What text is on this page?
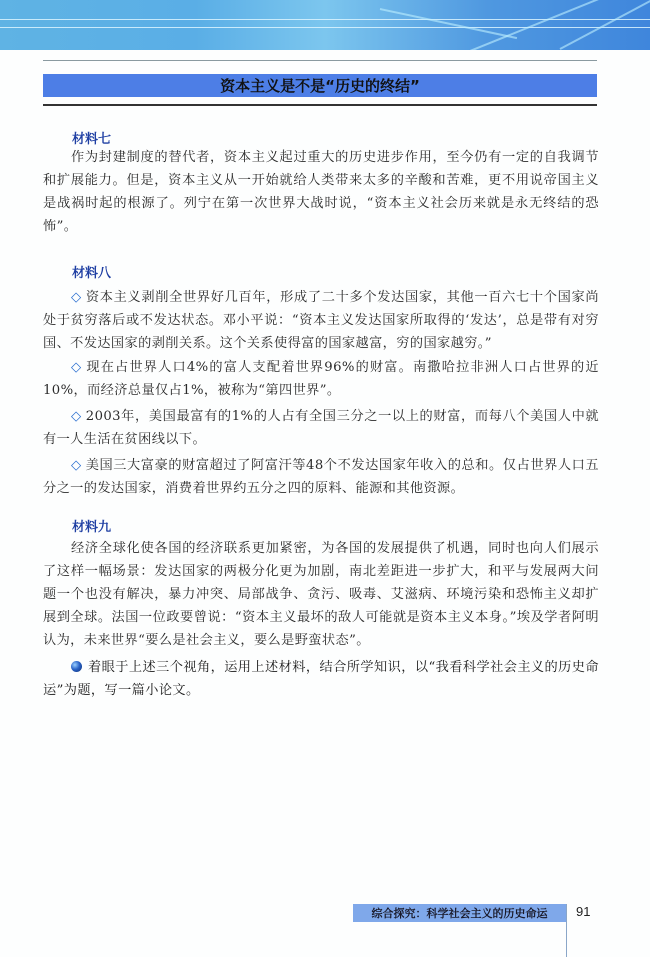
资本主义是不是“历史的终结”
材料七
作为封建制度的替代者，资本主义起过重大的历史进步作用，至今仍有一定的自我调节和扩展能力。但是，资本主义从一开始就给人类带来太多的辛酸和苦难，更不用说帝国主义是战祸时起的根源了。列宁在第一次世界大战时说，“资本主义社会历来就是永无终结的恐怖”。
材料八
◇ 资本主义剥削全世界好几百年，形成了二十多个发达国家，其他一百六七十个国家尚处于贫穷落后或不发达状态。邓小平说：“资本主义发达国家所取得的‘发达’，总是带有对穷国、不发达国家的剥削关系。这个关系使得富的国家越富，穷的国家越穷。”
◇ 现在占世界人口4%的富人支配着世界96%的财富。南撒哈拉非洲人口占世界的近10%，而经济总量仅占1%，被称为“第四世界”。
◇ 2003年，美国最富有的1%的人占有全国三分之一以上的财富，而每八个美国人中就有一人生活在贫困线以下。
◇ 美国三大富豪的财富超过了阿富汗等48个不发达国家年收入的总和。仅占世界人口五分之一的发达国家，消费着世界约五分之四的原料、能源和其他资源。
材料九
经济全球化使各国的经济联系更加紧密，为各国的发展提供了机遇，同时也向人们展示了这样一幅场景：发达国家的两极分化更为加剧，南北差距进一步扩大，和平与发展两大问题一个也没有解决，暴力冲突、局部战争、贪污、吸毒、艾滋病、环境污染和恐怖主义却扩展到全球。法国一位政要曾说：“资本主义最坏的敌人可能就是资本主义本身。”埃及学者阿明认为，未来世界“要么是社会主义，要么是野蛮状态”。
着眼于上述三个视角，运用上述材料，结合所学知识，以“我看科学社会主义的历史命运”为题，写一篇小论文。
综合探究：科学社会主义的历史命运 91
